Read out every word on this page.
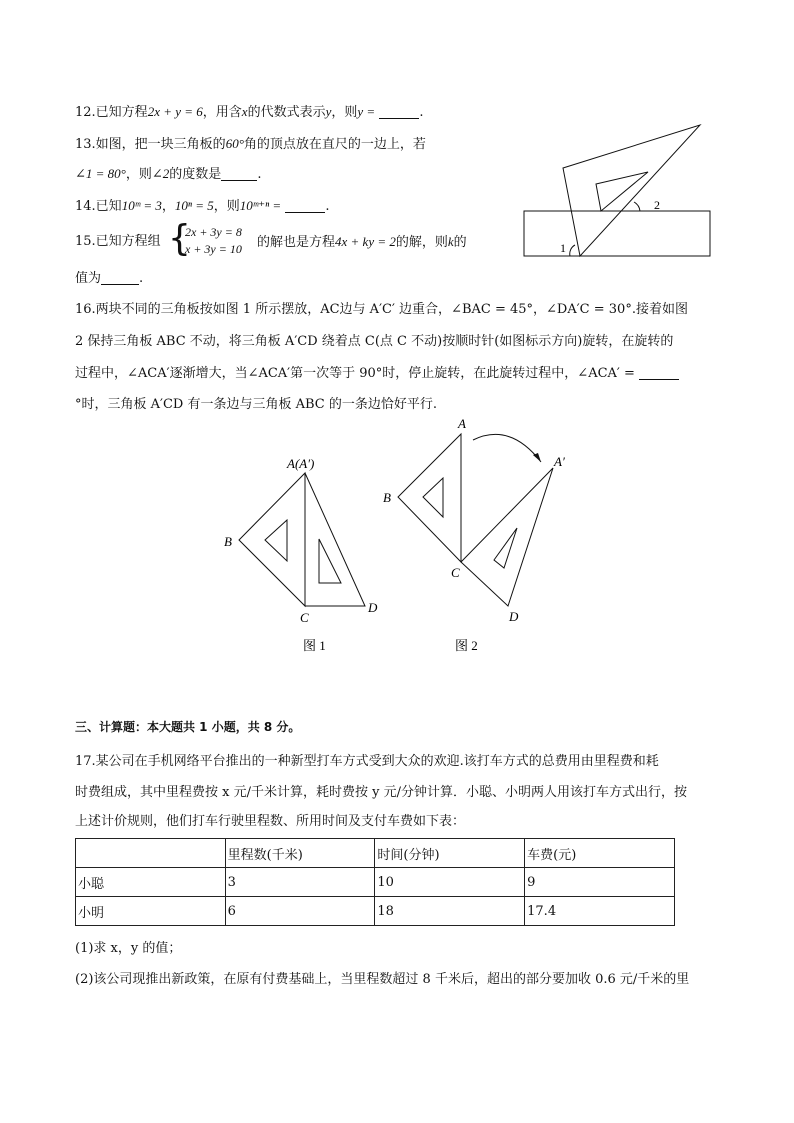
12.已知方程2x + y = 6，用含x的代数式表示y，则y =	.
13.如图，把一块三角板的60°角的顶点放在直尺的一边上，若
∠1 = 80°，则∠2的度数是	.
14.已知10ᵐ = 3，10ⁿ = 5，则10ᵐ⁺ⁿ =	.
15.已知方程组 {
2x + 3y = 8
x + 3y = 10 的解也是方程4x + ky = 2的解，则k的
值为	.
1
2
16.两块不同的三角板按如图 1 所示摆放，AC边与 A′C′ 边重合，∠BAC = 45°，∠DA′C = 30°.接着如图
2 保持三角板 ABC 不动，将三角板 A′CD 绕着点 C(点 C 不动)按顺时针(如图标示方向)旋转，在旋转的
过程中，∠ACA′逐渐增大，当∠ACA′第一次等于 90°时，停止旋转，在此旋转过程中，∠ACA′ =
°时，三角板 A′CD 有一条边与三角板 ABC 的一条边恰好平行.
A(A′)
B
C
D
图 1
A
A′
B
C
D
图 2
三、计算题：本大题共 1 小题，共 8 分。
17.某公司在手机网络平台推出的一种新型打车方式受到大众的欢迎.该打车方式的总费用由里程费和耗
时费组成，其中里程费按 x 元/千米计算，耗时费按 y 元/分钟计算．小聪、小明两人用该打车方式出行，按
上述计价规则，他们打车行驶里程数、所用时间及支付车费如下表：
	里程数(千米)	时间(分钟)	车费(元)
小聪	3	10	9
小明	6	18	17.4
(1)求 x，y 的值；
(2)该公司现推出新政策，在原有付费基础上，当里程数超过 8 千米后，超出的部分要加收 0.6 元/千米的里
